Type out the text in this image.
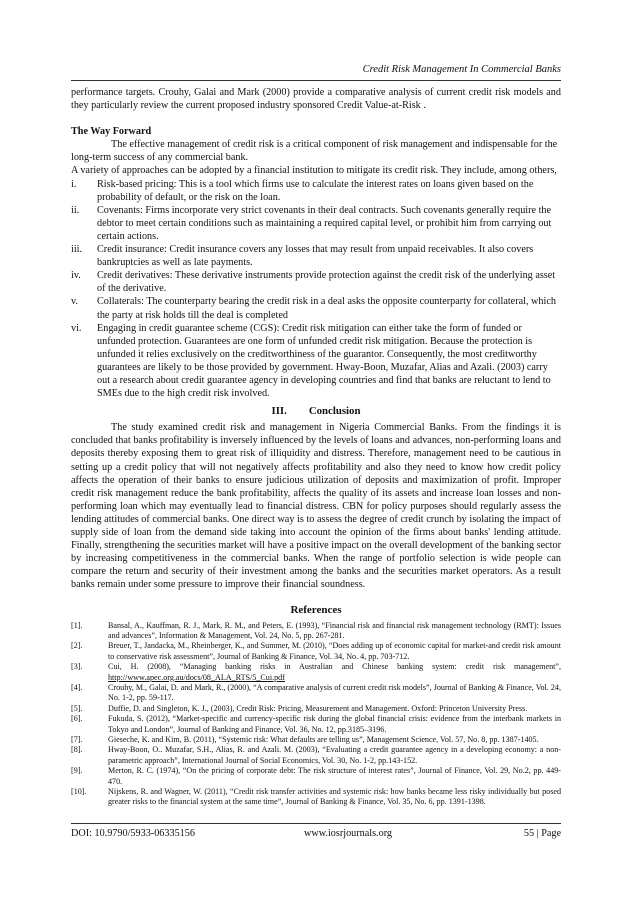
Credit Risk Management In Commercial Banks

performance targets. Crouhy, Galai and Mark (2000) provide a comparative analysis of current credit risk models and they particularly review the current proposed industry sponsored Credit Value-at-Risk .

The Way Forward

The effective management of credit risk is a critical component of risk management and indispensable for the long-term success of any commercial bank.

A variety of approaches can be adopted by a financial institution to mitigate its credit risk. They include, among others,

i.	Risk-based pricing: This is a tool which firms use to calculate the interest rates on loans given based on the probability of default, or the risk on the loan.
ii.	Covenants: Firms incorporate very strict covenants in their deal contracts. Such covenants generally require the debtor to meet certain conditions such as maintaining a required capital level, or prohibit him from carrying out certain actions.
iii.	Credit insurance: Credit insurance covers any losses that may result from unpaid receivables. It also covers bankruptcies as well as late payments.
iv.	Credit derivatives: These derivative instruments provide protection against the credit risk of the underlying asset of the derivative.
v.	Collaterals: The counterparty bearing the credit risk in a deal asks the opposite counterparty for collateral, which the party at risk holds till the deal is completed
vi.	Engaging in credit guarantee scheme (CGS): Credit risk mitigation can either take the form of funded or unfunded protection. Guarantees are one form of unfunded credit risk mitigation. Because the protection is unfunded it relies exclusively on the creditworthiness of the guarantor. Consequently, the most creditworthy guarantees are likely to be those provided by government. Hway-Boon, Muzafar, Alias and Azali. (2003) carry out a research about credit guarantee agency in developing countries and find that banks are reluctant to lend to SMEs due to the high credit risk involved.

III. Conclusion

The study examined credit risk and management in Nigeria Commercial Banks. From the findings it is concluded that banks profitability is inversely influenced by the levels of loans and advances, non-performing loans and deposits thereby exposing them to great risk of illiquidity and distress. Therefore, management need to be cautious in setting up a credit policy that will not negatively affects profitability and also they need to know how credit policy affects the operation of their banks to ensure judicious utilization of deposits and maximization of profit. Improper credit risk management reduce the bank profitability, affects the quality of its assets and increase loan losses and non-performing loan which may eventually lead to financial distress. CBN for policy purposes should regularly assess the lending attitudes of commercial banks. One direct way is to assess the degree of credit crunch by isolating the impact of supply side of loan from the demand side taking into account the opinion of the firms about banks' lending attitude. Finally, strengthening the securities market will have a positive impact on the overall development of the banking sector by increasing competitiveness in the commercial banks. When the range of portfolio selection is wide people can compare the return and security of their investment among the banks and the securities market operators. As a result banks remain under some pressure to improve their financial soundness.

References

[1].	Bansal, A., Kauffman, R. J., Mark, R. M., and Peters, E. (1993), “Financial risk and financial risk management technology (RMT): Issues and advances”, Information & Management, Vol. 24, No. 5, pp. 267-281.
[2].	Breuer, T., Jandacka, M., Rheinberger, K., and Summer, M. (2010), “Does adding up of economic capital for market-and credit risk amount to conservative risk assessment”, Journal of Banking & Finance, Vol. 34, No. 4, pp. 703-712.
[3].	Cui, H. (2008), “Managing banking risks in Australian and Chinese banking system: credit risk management”, http://www.apec.org.au/docs/08_ALA_RTS/5_Cui.pdf
[4].	Crouhy, M., Galai, D. and Mark, R., (2000), “A comparative analysis of current credit risk models”, Journal of Banking & Finance, Vol. 24, No. 1-2, pp. 59-117.
[5].	Duffie, D. and Singleton, K. J., (2003), Credit Risk: Pricing, Measurement and Management. Oxford: Princeton University Press.
[6].	Fukuda, S. (2012), “Market-specific and currency-specific risk during the global financial crisis: evidence from the interbank markets in Tokyo and London”, Journal of Banking and Finance, Vol. 36, No. 12, pp.3185–3196.
[7].	Gieseche, K. and Kim, B. (2011), “Systemic risk: What defaults are telling us”, Management Science, Vol. 57, No. 8, pp. 1387-1405.
[8].	Hway-Boon, O.. Muzafar, S.H., Alias, R. and Azali. M. (2003), “Evaluating a credit guarantee agency in a developing economy: a non-parametric approach”, International Journal of Social Economics, Vol. 30, No. 1-2, pp.143-152.
[9].	Merton, R. C. (1974), “On the pricing of corporate debt: The risk structure of interest rates”, Journal of Finance, Vol. 29, No.2, pp. 449-470.
[10].	Nijskens, R. and Wagner, W. (2011), “Credit risk transfer activities and systemic risk: how banks became less risky individually but posed greater risks to the financial system at the same time”, Journal of Banking & Finance, Vol. 35, No. 6, pp. 1391-1398.
DOI: 10.9790/5933-06335156	www.iosrjournals.org	55 | Page
